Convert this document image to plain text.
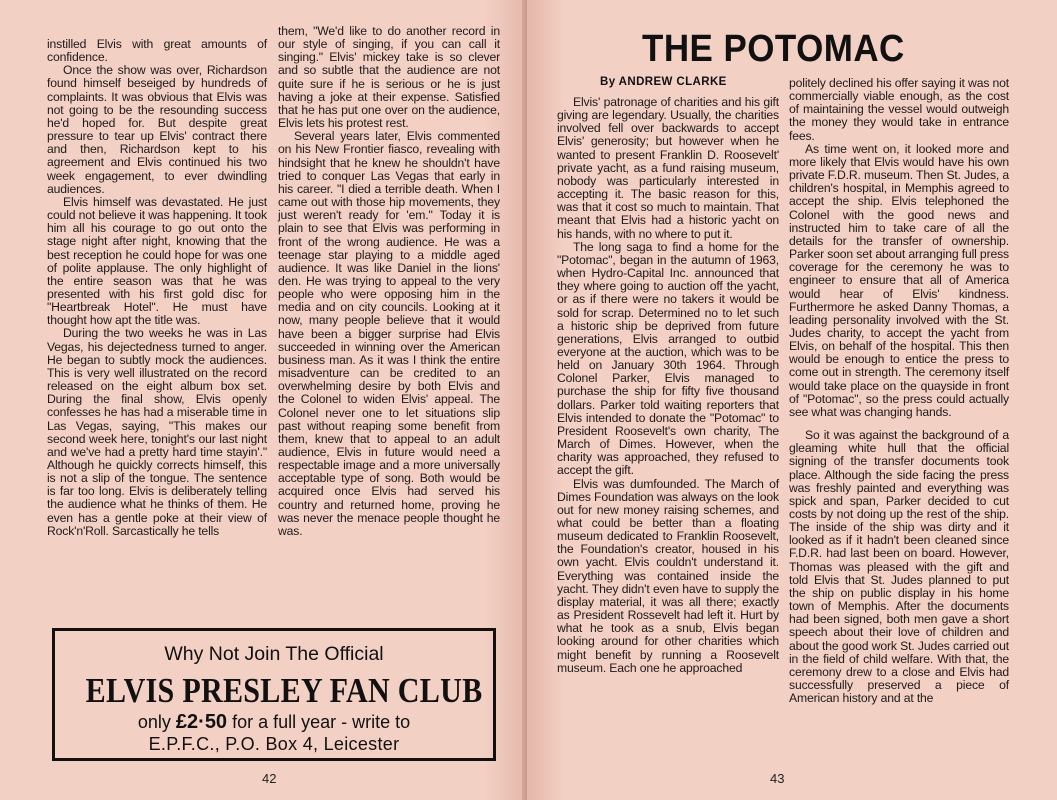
instilled Elvis with great amounts of confidence.

Once the show was over, Richardson found himself beseiged by hundreds of complaints. It was obvious that Elvis was not going to be the resounding success he'd hoped for. But despite great pressure to tear up Elvis' contract there and then, Richardson kept to his agreement and Elvis continued his two week engagement, to ever dwindling audiences.

Elvis himself was devastated. He just could not believe it was happening. It took him all his courage to go out onto the stage night after night, knowing that the best reception he could hope for was one of polite applause. The only highlight of the entire season was that he was presented with his first gold disc for "Heartbreak Hotel". He must have thought how apt the title was.

During the two weeks he was in Las Vegas, his dejectedness turned to anger. He began to subtly mock the audiences. This is very well illustrated on the record released on the eight album box set. During the final show, Elvis openly confesses he has had a miserable time in Las Vegas, saying, "This makes our second week here, tonight's our last night and we've had a pretty hard time stayin'." Although he quickly corrects himself, this is not a slip of the tongue. The sentence is far too long. Elvis is deliberately telling the audience what he thinks of them. He even has a gentle poke at their view of Rock'n'Roll. Sarcastically he tells

them, "We'd like to do another record in our style of singing, if you can call it singing." Elvis' mickey take is so clever and so subtle that the audience are not quite sure if he is serious or he is just having a joke at their expense. Satisfied that he has put one over on the audience, Elvis lets his protest rest.

Several years later, Elvis commented on his New Frontier fiasco, revealing with hindsight that he knew he shouldn't have tried to conquer Las Vegas that early in his career. "I died a terrible death. When I came out with those hip movements, they just weren't ready for 'em." Today it is plain to see that Elvis was performing in front of the wrong audience. He was a teenage star playing to a middle aged audience. It was like Daniel in the lions' den. He was trying to appeal to the very people who were opposing him in the media and on city councils. Looking at it now, many people believe that it would have been a bigger surprise had Elvis succeeded in winning over the American business man. As it was I think the entire misadventure can be credited to an overwhelming desire by both Elvis and the Colonel to widen Elvis' appeal. The Colonel never one to let situations slip past without reaping some benefit from them, knew that to appeal to an adult audience, Elvis in future would need a respectable image and a more universally acceptable type of song. Both would be acquired once Elvis had served his country and returned home, proving he was never the menace people thought he was.

Why Not Join The Official
ELVIS PRESLEY FAN CLUB
only £2·50 for a full year - write to
E.P.F.C., P.O. Box 4, Leicester
42
THE POTOMAC
By ANDREW CLARKE

Elvis' patronage of charities and his gift giving are legendary. Usually, the charities involved fell over backwards to accept Elvis' generosity; but however when he wanted to present Franklin D. Roosevelt' private yacht, as a fund raising museum, nobody was particularly interested in accepting it. The basic reason for this, was that it cost so much to maintain. That meant that Elvis had a historic yacht on his hands, with no where to put it.

The long saga to find a home for the "Potomac", began in the autumn of 1963, when Hydro-Capital Inc. announced that they where going to auction off the yacht, or as if there were no takers it would be sold for scrap. Determined no to let such a historic ship be deprived from future generations, Elvis arranged to outbid everyone at the auction, which was to be held on January 30th 1964. Through Colonel Parker, Elvis managed to purchase the ship for fifty five thousand dollars. Parker told waiting reporters that Elvis intended to donate the "Potomac" to President Roosevelt's own charity, The March of Dimes. However, when the charity was approached, they refused to accept the gift.

Elvis was dumfounded. The March of Dimes Foundation was always on the look out for new money raising schemes, and what could be better than a floating museum dedicated to Franklin Roosevelt, the Foundation's creator, housed in his own yacht. Elvis couldn't understand it. Everything was contained inside the yacht. They didn't even have to supply the display material, it was all there; exactly as President Rossevelt had left it. Hurt by what he took as a snub, Elvis began looking around for other charities which might benefit by running a Roosevelt museum. Each one he approached

politely declined his offer saying it was not commercially viable enough, as the cost of maintaining the vessel would outweigh the money they would take in entrance fees.

As time went on, it looked more and more likely that Elvis would have his own private F.D.R. museum. Then St. Judes, a children's hospital, in Memphis agreed to accept the ship. Elvis telephoned the Colonel with the good news and instructed him to take care of all the details for the transfer of ownership. Parker soon set about arranging full press coverage for the ceremony he was to engineer to ensure that all of America would hear of Elvis' kindness. Furthermore he asked Danny Thomas, a leading personality involved with the St. Judes charity, to accept the yacht from Elvis, on behalf of the hospital. This then would be enough to entice the press to come out in strength. The ceremony itself would take place on the quayside in front of "Potomac", so the press could actually see what was changing hands.

So it was against the background of a gleaming white hull that the official signing of the transfer documents took place. Although the side facing the press was freshly painted and everything was spick and span, Parker decided to cut costs by not doing up the rest of the ship. The inside of the ship was dirty and it looked as if it hadn't been cleaned since F.D.R. had last been on board. However, Thomas was pleased with the gift and told Elvis that St. Judes planned to put the ship on public display in his home town of Memphis. After the documents had been signed, both men gave a short speech about their love of children and about the good work St. Judes carried out in the field of child welfare. With that, the ceremony drew to a close and Elvis had successfully preserved a piece of American history and at the

43
